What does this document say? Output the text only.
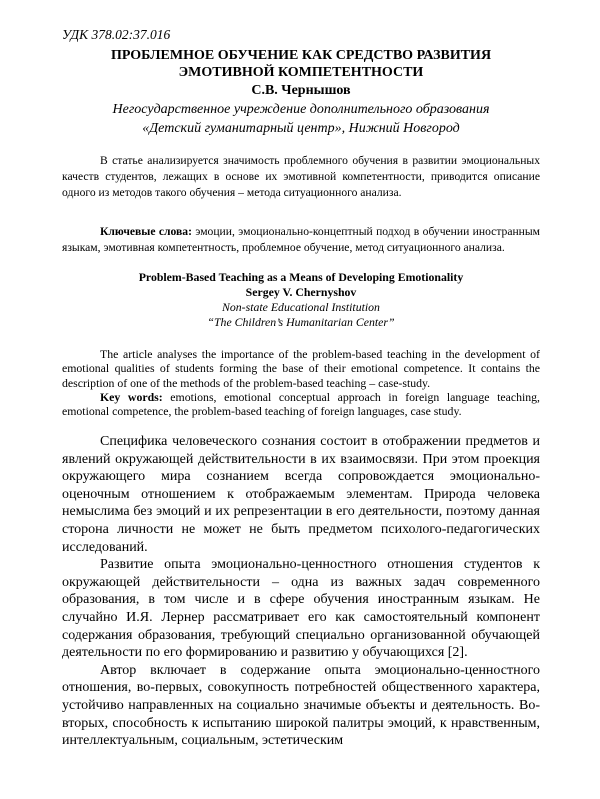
УДК 378.02:37.016
ПРОБЛЕМНОЕ ОБУЧЕНИЕ КАК СРЕДСТВО РАЗВИТИЯ
ЭМОТИВНОЙ КОМПЕТЕНТНОСТИ
С.В. Чернышов
Негосударственное учреждение дополнительного образования
«Детский гуманитарный центр», Нижний Новгород

В статье анализируется значимость проблемного обучения в развитии эмоциональных качеств студентов, лежащих в основе их эмотивной компетентности, приводится описание одного из методов такого обучения – метода ситуационного анализа.

Ключевые слова: эмоции, эмоционально-концептный подход в обучении иностранным языкам, эмотивная компетентность, проблемное обучение, метод ситуационного анализа.

Problem-Based Teaching as a Means of Developing Emotionality
Sergey V. Chernyshov
Non-state Educational Institution
“The Children’s Humanitarian Center”

The article analyses the importance of the problem-based teaching in the development of emotional qualities of students forming the base of their emotional competence. It contains the description of one of the methods of the problem-based teaching – case-study.

Key words: emotions, emotional conceptual approach in foreign language teaching, emotional competence, the problem-based teaching of foreign languages, case study.

Специфика человеческого сознания состоит в отображении предметов и явлений окружающей действительности в их взаимосвязи. При этом проекция окружающего мира сознанием всегда сопровождается эмоционально-оценочным отношением к отображаемым элементам. Природа человека немыслима без эмоций и их репрезентации в его деятельности, поэтому данная сторона личности не может не быть предметом психолого-педагогических исследований.

Развитие опыта эмоционально-ценностного отношения студентов к окружающей действительности – одна из важных задач современного образования, в том числе и в сфере обучения иностранным языкам. Не случайно И.Я. Лернер рассматривает его как самостоятельный компонент содержания образования, требующий специально организованной обучающей деятельности по его формированию и развитию у обучающихся [2].

Автор включает в содержание опыта эмоционально-ценностного отношения, во-первых, совокупность потребностей общественного характера, устойчиво направленных на социально значимые объекты и деятельность. Во-вторых, способность к испытанию широкой палитры эмоций, к нравственным, интеллектуальным, социальным, эстетическим
